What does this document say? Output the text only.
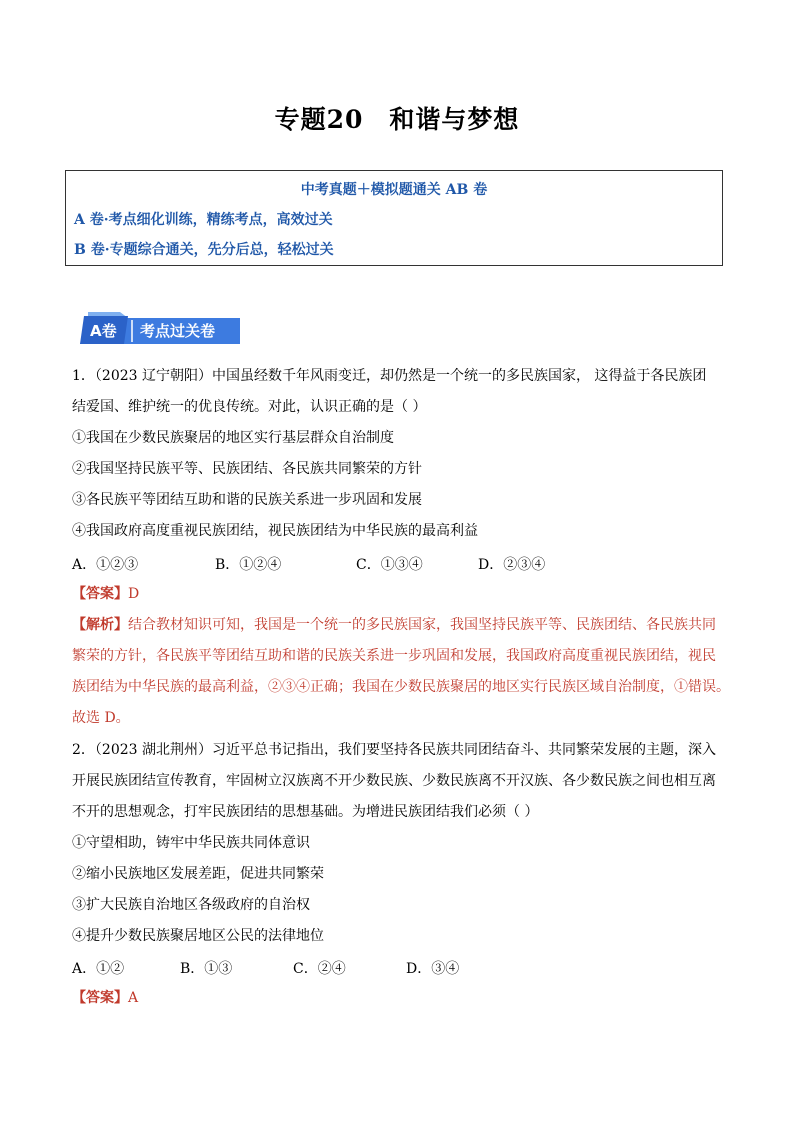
专题20　和谐与梦想
中考真题＋模拟题通关 AB 卷
A 卷·考点细化训练，精练考点，高效过关
B 卷·专题综合通关，先分后总，轻松过关
A卷 考点过关卷
1．（2023 辽宁朝阳）中国虽经数千年风雨变迁，却仍然是一个统一的多民族国家， 这得益于各民族团
结爱国、维护统一的优良传统。对此，认识正确的是（ ）
①我国在少数民族聚居的地区实行基层群众自治制度
②我国坚持民族平等、民族团结、各民族共同繁荣的方针
③各民族平等团结互助和谐的民族关系进一步巩固和发展
④我国政府高度重视民族团结，视民族团结为中华民族的最高利益
A．①②③	B．①②④	C．①③④	D．②③④
【答案】D
【解析】结合教材知识可知，我国是一个统一的多民族国家，我国坚持民族平等、民族团结、各民族共同
繁荣的方针，各民族平等团结互助和谐的民族关系进一步巩固和发展，我国政府高度重视民族团结，视民
族团结为中华民族的最高利益，②③④正确；我国在少数民族聚居的地区实行民族区域自治制度，①错误。
故选 D。
2．（2023 湖北荆州）习近平总书记指出，我们要坚持各民族共同团结奋斗、共同繁荣发展的主题，深入
开展民族团结宣传教育，牢固树立汉族离不开少数民族、少数民族离不开汉族、各少数民族之间也相互离
不开的思想观念，打牢民族团结的思想基础。为增进民族团结我们必须（ ）
①守望相助，铸牢中华民族共同体意识
②缩小民族地区发展差距，促进共同繁荣
③扩大民族自治地区各级政府的自治权
④提升少数民族聚居地区公民的法律地位
A．①②	B．①③	C．②④	D．③④
【答案】A
